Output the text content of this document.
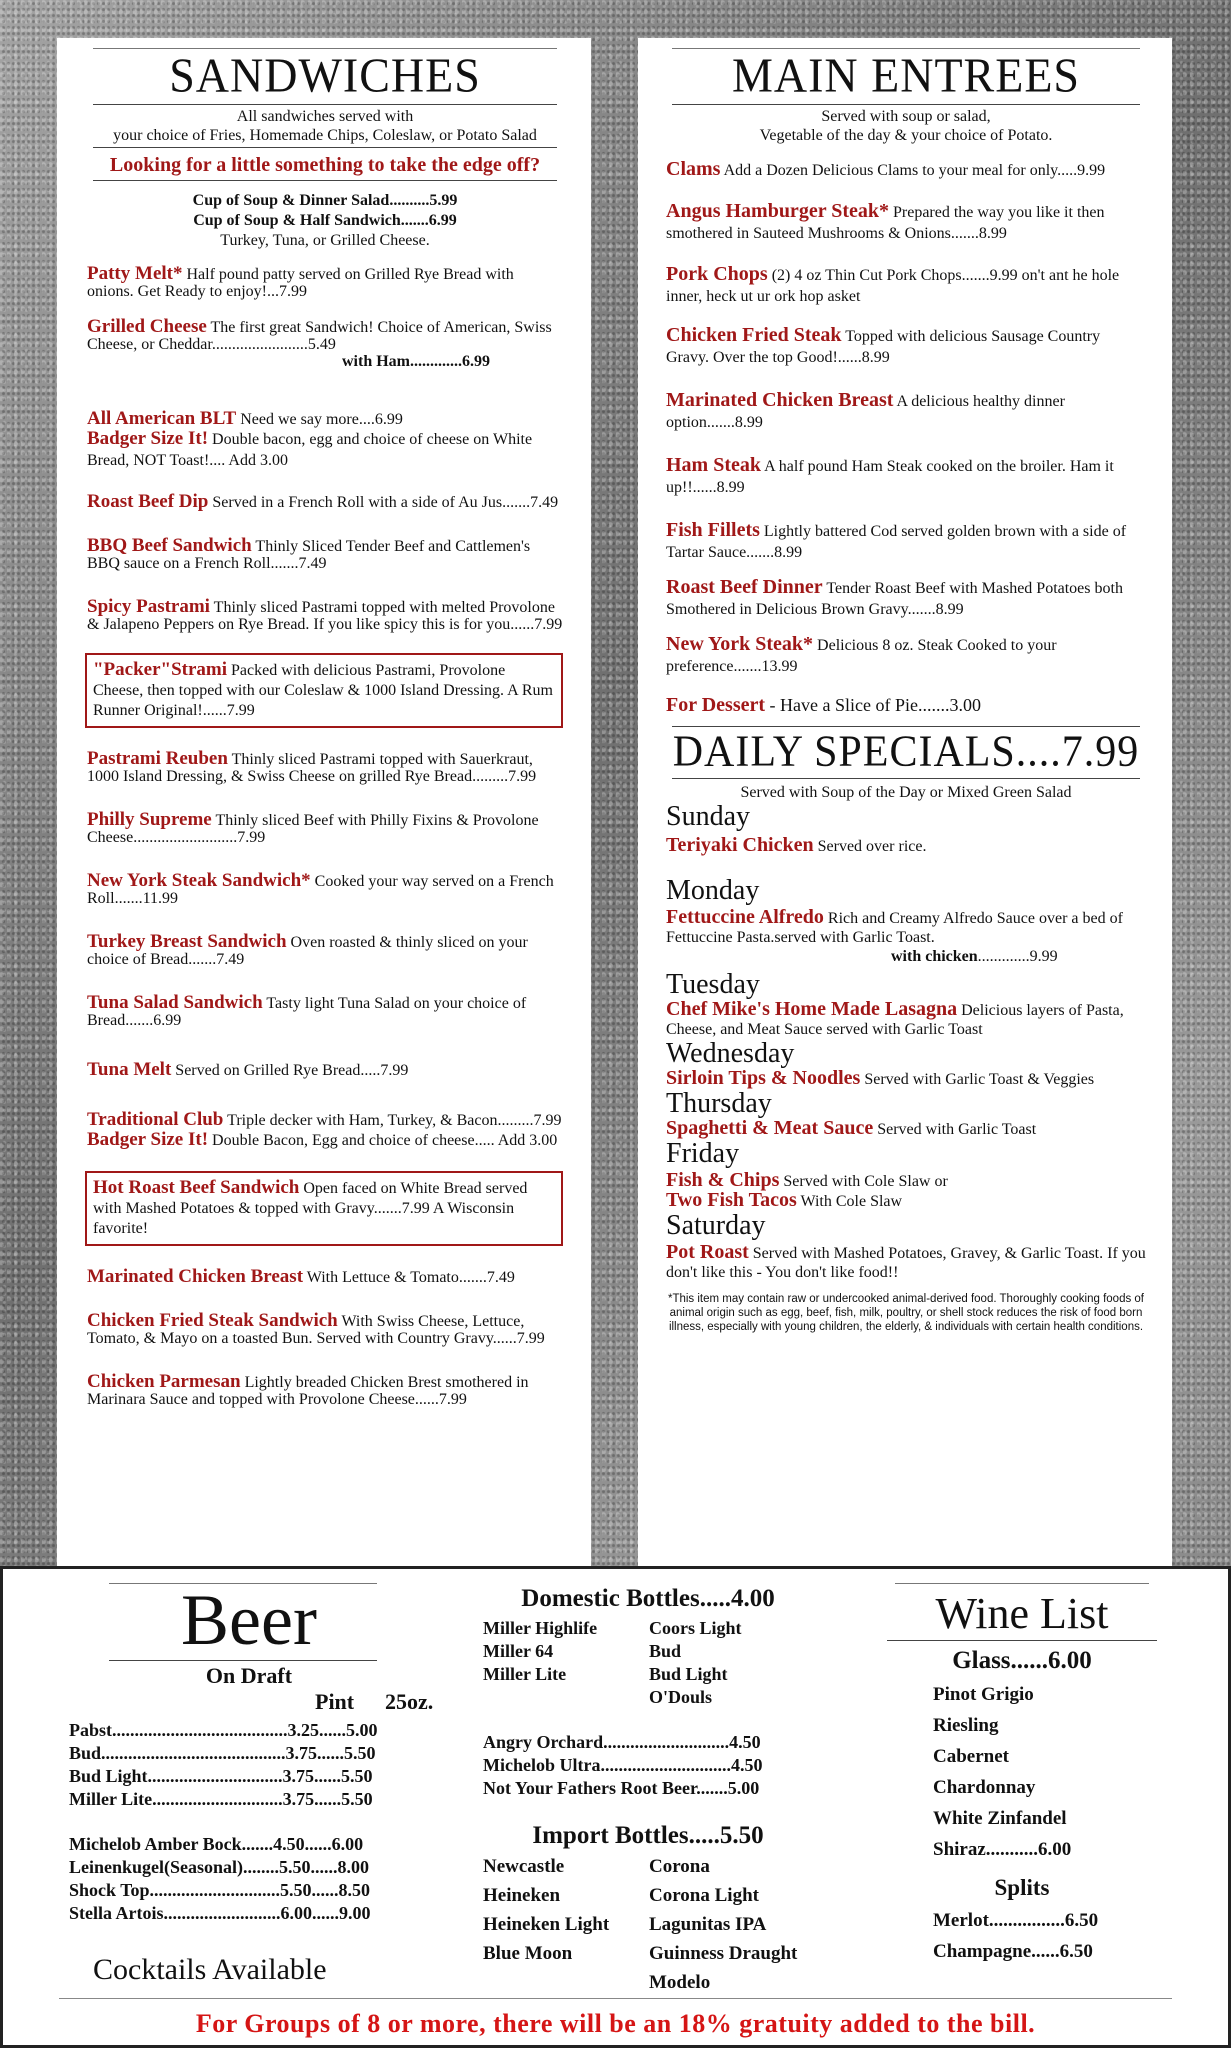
SANDWICHES
All sandwiches served with
your choice of Fries, Homemade Chips, Coleslaw, or Potato Salad
Looking for a little something to take the edge off?
Cup of Soup & Dinner Salad..........5.99
Cup of Soup & Half Sandwich.......6.99
Turkey, Tuna, or Grilled Cheese.

Patty Melt* Half pound patty served on Grilled Rye Bread with onions. Get Ready to enjoy!...7.99

Grilled Cheese The first great Sandwich! Choice of American, Swiss Cheese, or Cheddar........................5.49

with Ham.............6.99

All American BLT Need we say more....6.99

Badger Size It! Double bacon, egg and choice of cheese on White Bread, NOT Toast!.... Add 3.00

Roast Beef Dip Served in a French Roll with a side of Au Jus.......7.49

BBQ Beef Sandwich Thinly Sliced Tender Beef and Cattlemen's BBQ sauce on a French Roll.......7.49

Spicy Pastrami Thinly sliced Pastrami topped with melted Provolone & Jalapeno Peppers on Rye Bread. If you like spicy this is for you......7.99

"Packer"Strami Packed with delicious Pastrami, Provolone Cheese, then topped with our Coleslaw & 1000 Island Dressing. A Rum Runner Original!......7.99

Pastrami Reuben Thinly sliced Pastrami topped with Sauerkraut, 1000 Island Dressing, & Swiss Cheese on grilled Rye Bread.........7.99

Philly Supreme Thinly sliced Beef with Philly Fixins & Provolone Cheese..........................7.99

New York Steak Sandwich* Cooked your way served on a French Roll.......11.99

Turkey Breast Sandwich Oven roasted & thinly sliced on your choice of Bread.......7.49

Tuna Salad Sandwich Tasty light Tuna Salad on your choice of Bread.......6.99

Tuna Melt Served on Grilled Rye Bread.....7.99

Traditional Club Triple decker with Ham, Turkey, & Bacon.........7.99

Badger Size It! Double Bacon, Egg and choice of cheese..... Add 3.00

Hot Roast Beef Sandwich Open faced on White Bread served with Mashed Potatoes & topped with Gravy.......7.99 A Wisconsin favorite!

Marinated Chicken Breast With Lettuce & Tomato.......7.49

Chicken Fried Steak Sandwich With Swiss Cheese, Lettuce, Tomato, & Mayo on a toasted Bun. Served with Country Gravy......7.99

Chicken Parmesan Lightly breaded Chicken Brest smothered in Marinara Sauce and topped with Provolone Cheese......7.99

MAIN ENTREES
Served with soup or salad,
Vegetable of the day & your choice of Potato.

Clams Add a Dozen Delicious Clams to your meal for only.....9.99

Angus Hamburger Steak* Prepared the way you like it then smothered in Sauteed Mushrooms & Onions.......8.99

Pork Chops (2) 4 oz Thin Cut Pork Chops.......9.99 on't ant he hole inner, heck ut ur ork hop asket

Chicken Fried Steak Topped with delicious Sausage Country Gravy. Over the top Good!......8.99

Marinated Chicken Breast A delicious healthy dinner option.......8.99

Ham Steak A half pound Ham Steak cooked on the broiler. Ham it up!!......8.99

Fish Fillets Lightly battered Cod served golden brown with a side of Tartar Sauce.......8.99

Roast Beef Dinner Tender Roast Beef with Mashed Potatoes both Smothered in Delicious Brown Gravy.......8.99

New York Steak* Delicious 8 oz. Steak Cooked to your preference.......13.99

For Dessert - Have a Slice of Pie.......3.00

DAILY SPECIALS....7.99
Served with Soup of the Day or Mixed Green Salad
Sunday

Teriyaki Chicken Served over rice.

Monday

Fettuccine Alfredo Rich and Creamy Alfredo Sauce over a bed of Fettuccine Pasta.served with Garlic Toast.

with chicken.............9.99
Tuesday

Chef Mike's Home Made Lasagna Delicious layers of Pasta, Cheese, and Meat Sauce served with Garlic Toast

Wednesday

Sirloin Tips & Noodles Served with Garlic Toast & Veggies

Thursday

Spaghetti & Meat Sauce Served with Garlic Toast

Friday

Fish & Chips Served with Cole Slaw or
Two Fish Tacos With Cole Slaw

Saturday

Pot Roast Served with Mashed Potatoes, Gravey, & Garlic Toast. If you don't like this - You don't like food!!

*This item may contain raw or undercooked animal-derived food. Thoroughly cooking foods of animal origin such as egg, beef, fish, milk, poultry, or shell stock reduces the risk of food born illness, especially with young children, the elderly, & individuals with certain health conditions.
Beer
On Draft
Pint 25oz.
Pabst.......................................3.25......5.00
Bud.........................................3.75......5.50
Bud Light..............................3.75......5.50
Miller Lite.............................3.75......5.50
Michelob Amber Bock.......4.50......6.00
Leinenkugel(Seasonal)........5.50......8.00
Shock Top.............................5.50......8.50
Stella Artois..........................6.00......9.00
Cocktails Available
Domestic Bottles.....4.00
Miller Highlife
Miller 64
Miller Lite
Coors Light
Bud
Bud Light
O'Douls
Angry Orchard............................4.50
Michelob Ultra.............................4.50
Not Your Fathers Root Beer.......5.00
Import Bottles.....5.50
Newcastle
Heineken
Heineken Light
Blue Moon
Corona
Corona Light
Lagunitas IPA
Guinness Draught
Modelo
Wine List
Glass......6.00
Pinot Grigio
Riesling
Cabernet
Chardonnay
White Zinfandel
Shiraz...........6.00
Splits
Merlot................6.50
Champagne......6.50
For Groups of 8 or more, there will be an 18% gratuity added to the bill.
